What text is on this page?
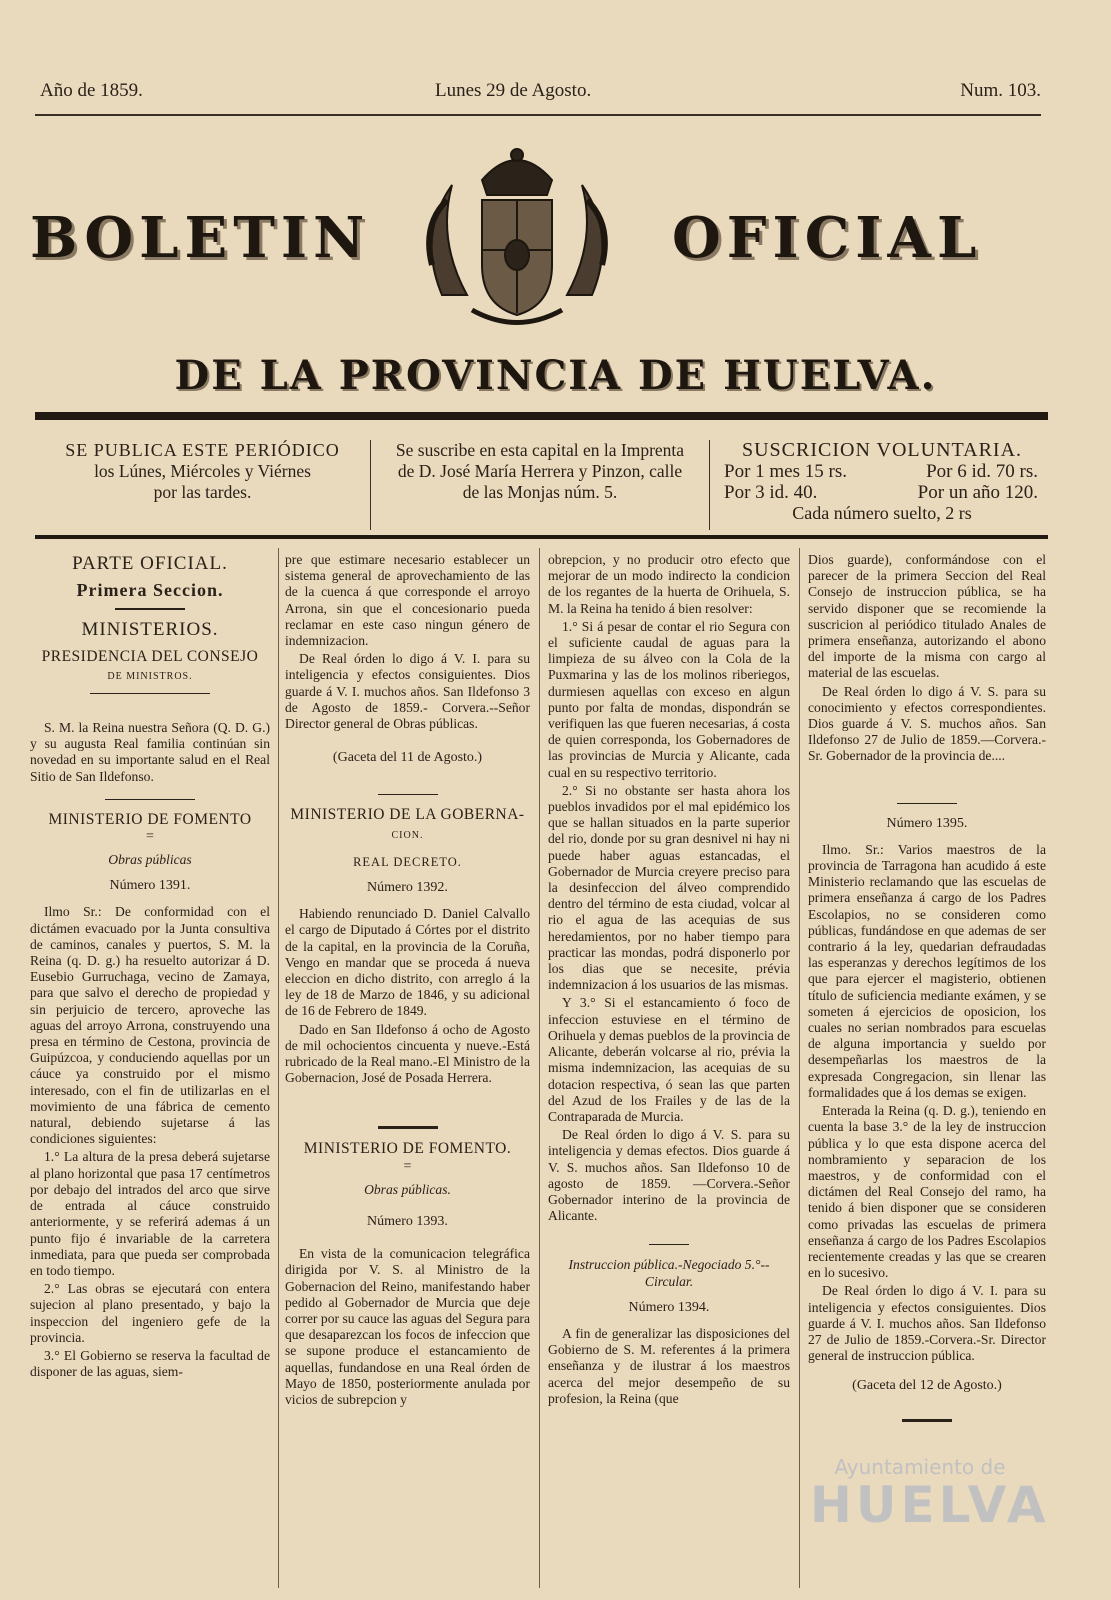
Año de 1859.	Lunes 29 de Agosto.	Num. 103.
BOLETIN	OFICIAL
DE LA PROVINCIA DE HUELVA.
SE PUBLICA ESTE PERIÓDICO
los Lúnes, Miércoles y Viérnes
por las tardes.
Se suscribe en esta capital en la Imprenta
de D. José María Herrera y Pinzon, calle
de las Monjas núm. 5.
SUSCRICION VOLUNTARIA.
Por 1 mes 15 rs.	Por 6 id. 70 rs.
Por 3 id. 40.	Por un año 120.
Cada número suelto, 2 rs
PARTE OFICIAL.
Primera Seccion.
MINISTERIOS.
PRESIDENCIA DEL CONSEJO
DE MINISTROS.

S. M. la Reina nuestra Señora (Q. D. G.) y su augusta Real familia continúan sin novedad en su importante salud en el Real Sitio de San Ildefonso.

MINISTERIO DE FOMENTO
=

Obras públicas

Número 1391.

Ilmo Sr.: De conformidad con el dictámen evacuado por la Junta consultiva de caminos, canales y puertos, S. M. la Reina (q. D. g.) ha resuelto autorizar á D. Eusebio Gurruchaga, vecino de Zamaya, para que salvo el derecho de propiedad y sin perjuicio de tercero, aproveche las aguas del arroyo Arrona, construyendo una presa en término de Cestona, provincia de Guipúzcoa, y conduciendo aquellas por un cáuce ya construido por el mismo interesado, con el fin de utilizarlas en el movimiento de una fábrica de cemento natural, debiendo sujetarse á las condiciones siguientes:

1.° La altura de la presa deberá sujetarse al plano horizontal que pasa 17 centímetros por debajo del intrados del arco que sirve de entrada al cáuce construido anteriormente, y se referirá ademas á un punto fijo é invariable de la carretera inmediata, para que pueda ser comprobada en todo tiempo.

2.° Las obras se ejecutará con entera sujecion al plano presentado, y bajo la inspeccion del ingeniero gefe de la provincia.

3.° El Gobierno se reserva la facultad de disponer de las aguas, siem-

pre que estimare necesario establecer un sistema general de aprovechamiento de las de la cuenca á que corresponde el arroyo Arrona, sin que el concesionario pueda reclamar en este caso ningun género de indemnizacion.

De Real órden lo digo á V. I. para su inteligencia y efectos consiguientes. Dios guarde á V. I. muchos años. San Ildefonso 3 de Agosto de 1859.- Corvera.--Señor Director general de Obras públicas.

(Gaceta del 11 de Agosto.)

MINISTERIO DE LA GOBERNA-
CION.

REAL DECRETO.

Número 1392.

Habiendo renunciado D. Daniel Calvallo el cargo de Diputado á Córtes por el distrito de la capital, en la provincia de la Coruña, Vengo en mandar que se proceda á nueva eleccion en dicho distrito, con arreglo á la ley de 18 de Marzo de 1846, y su adicional de 16 de Febrero de 1849.

Dado en San Ildefonso á ocho de Agosto de mil ochocientos cincuenta y nueve.-Está rubricado de la Real mano.-El Ministro de la Gobernacion, José de Posada Herrera.

MINISTERIO DE FOMENTO.
=

Obras públicas.

Número 1393.

En vista de la comunicacion telegráfica dirigida por V. S. al Ministro de la Gobernacion del Reino, manifestando haber pedido al Gobernador de Murcia que deje correr por su cauce las aguas del Segura para que desaparezcan los focos de infeccion que se supone produce el estancamiento de aquellas, fundandose en una Real órden de Mayo de 1850, posteriormente anulada por vicios de subrepcion y

obrepcion, y no producir otro efecto que mejorar de un modo indirecto la condicion de los regantes de la huerta de Orihuela, S. M. la Reina ha tenido á bien resolver:

1.° Si á pesar de contar el rio Segura con el suficiente caudal de aguas para la limpieza de su álveo con la Cola de la Puxmarina y las de los molinos riberiegos, durmiesen aquellas con exceso en algun punto por falta de mondas, dispondrán se verifiquen las que fueren necesarias, á costa de quien corresponda, los Gobernadores de las provincias de Murcia y Alicante, cada cual en su respectivo territorio.

2.° Si no obstante ser hasta ahora los pueblos invadidos por el mal epidémico los que se hallan situados en la parte superior del rio, donde por su gran desnivel ni hay ni puede haber aguas estancadas, el Gobernador de Murcia creyere preciso para la desinfeccion del álveo comprendido dentro del término de esta ciudad, volcar al rio el agua de las acequias de sus heredamientos, por no haber tiempo para practicar las mondas, podrá disponerlo por los dias que se necesite, prévia indemnizacion á los usuarios de las mismas.

Y 3.° Si el estancamiento ó foco de infeccion estuviese en el término de Orihuela y demas pueblos de la provincia de Alicante, deberán volcarse al rio, prévia la misma indemnizacion, las acequias de su dotacion respectiva, ó sean las que parten del Azud de los Frailes y de las de la Contraparada de Murcia.

De Real órden lo digo á V. S. para su inteligencia y demas efectos. Dios guarde á V. S. muchos años. San Ildefonso 10 de agosto de 1859. —Corvera.-Señor Gobernador interino de la provincia de Alicante.

Instruccion pública.-Negociado 5.°-- Circular.

Número 1394.

A fin de generalizar las disposiciones del Gobierno de S. M. referentes á la primera enseñanza y de ilustrar á los maestros acerca del mejor desempeño de su profesion, la Reina (que

Dios guarde), conformándose con el parecer de la primera Seccion del Real Consejo de instruccion pública, se ha servido disponer que se recomiende la suscricion al periódico titulado Anales de primera enseñanza, autorizando el abono del importe de la misma con cargo al material de las escuelas.

De Real órden lo digo á V. S. para su conocimiento y efectos correspondientes. Dios guarde á V. S. muchos años. San Ildefonso 27 de Julio de 1859.—Corvera.-Sr. Gobernador de la provincia de....

Número 1395.

Ilmo. Sr.: Varios maestros de la provincia de Tarragona han acudido á este Ministerio reclamando que las escuelas de primera enseñanza á cargo de los Padres Escolapios, no se consideren como públicas, fundándose en que ademas de ser contrario á la ley, quedarian defraudadas las esperanzas y derechos legítimos de los que para ejercer el magisterio, obtienen título de suficiencia mediante exámen, y se someten á ejercicios de oposicion, los cuales no serian nombrados para escuelas de alguna importancia y sueldo por desempeñarlas los maestros de la expresada Congregacion, sin llenar las formalidades que á los demas se exigen.

Enterada la Reina (q. D. g.), teniendo en cuenta la base 3.° de la ley de instruccion pública y lo que esta dispone acerca del nombramiento y separacion de los maestros, y de conformidad con el dictámen del Real Consejo del ramo, ha tenido á bien disponer que se consideren como privadas las escuelas de primera enseñanza á cargo de los Padres Escolapios recientemente creadas y las que se crearen en lo sucesivo.

De Real órden lo digo á V. I. para su inteligencia y efectos consiguientes. Dios guarde á V. I. muchos años. San Ildefonso 27 de Julio de 1859.-Corvera.-Sr. Director general de instruccion pública.

(Gaceta del 12 de Agosto.)

Ayuntamiento de
HUELVA
